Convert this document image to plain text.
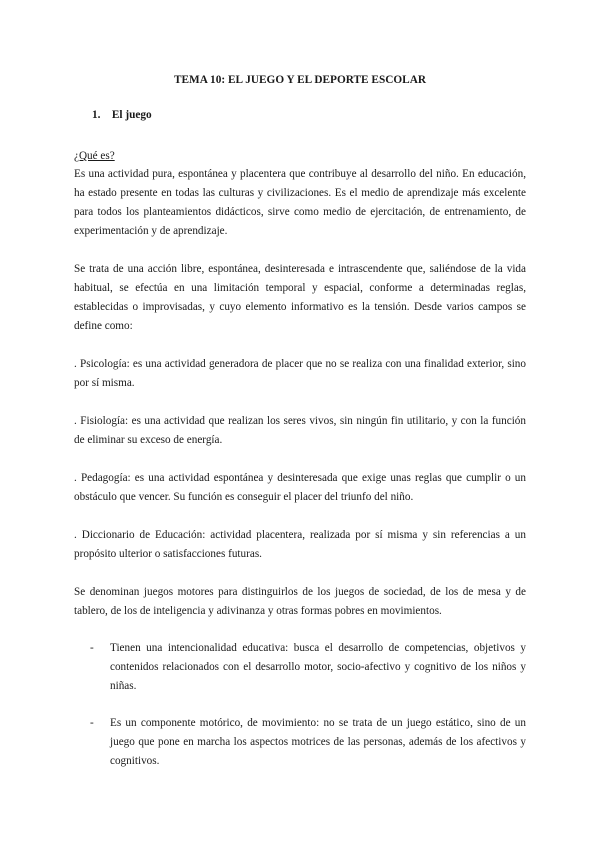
TEMA 10: EL JUEGO Y EL DEPORTE ESCOLAR
1. El juego
¿Qué es?

Es una actividad pura, espontánea y placentera que contribuye al desarrollo del niño. En educación, ha estado presente en todas las culturas y civilizaciones. Es el medio de aprendizaje más excelente para todos los planteamientos didácticos, sirve como medio de ejercitación, de entrenamiento, de experimentación y de aprendizaje.

Se trata de una acción libre, espontánea, desinteresada e intrascendente que, saliéndose de la vida habitual, se efectúa en una limitación temporal y espacial, conforme a determinadas reglas, establecidas o improvisadas, y cuyo elemento informativo es la tensión. Desde varios campos se define como:

. Psicología: es una actividad generadora de placer que no se realiza con una finalidad exterior, sino por sí misma.

. Fisiología: es una actividad que realizan los seres vivos, sin ningún fin utilitario, y con la función de eliminar su exceso de energía.

. Pedagogía: es una actividad espontánea y desinteresada que exige unas reglas que cumplir o un obstáculo que vencer. Su función es conseguir el placer del triunfo del niño.

. Diccionario de Educación: actividad placentera, realizada por sí misma y sin referencias a un propósito ulterior o satisfacciones futuras.

Se denominan juegos motores para distinguirlos de los juegos de sociedad, de los de mesa y de tablero, de los de inteligencia y adivinanza y otras formas pobres en movimientos.

- Tienen una intencionalidad educativa: busca el desarrollo de competencias, objetivos y contenidos relacionados con el desarrollo motor, socio-afectivo y cognitivo de los niños y niñas.
- Es un componente motórico, de movimiento: no se trata de un juego estático, sino de un juego que pone en marcha los aspectos motrices de las personas, además de los afectivos y cognitivos.
